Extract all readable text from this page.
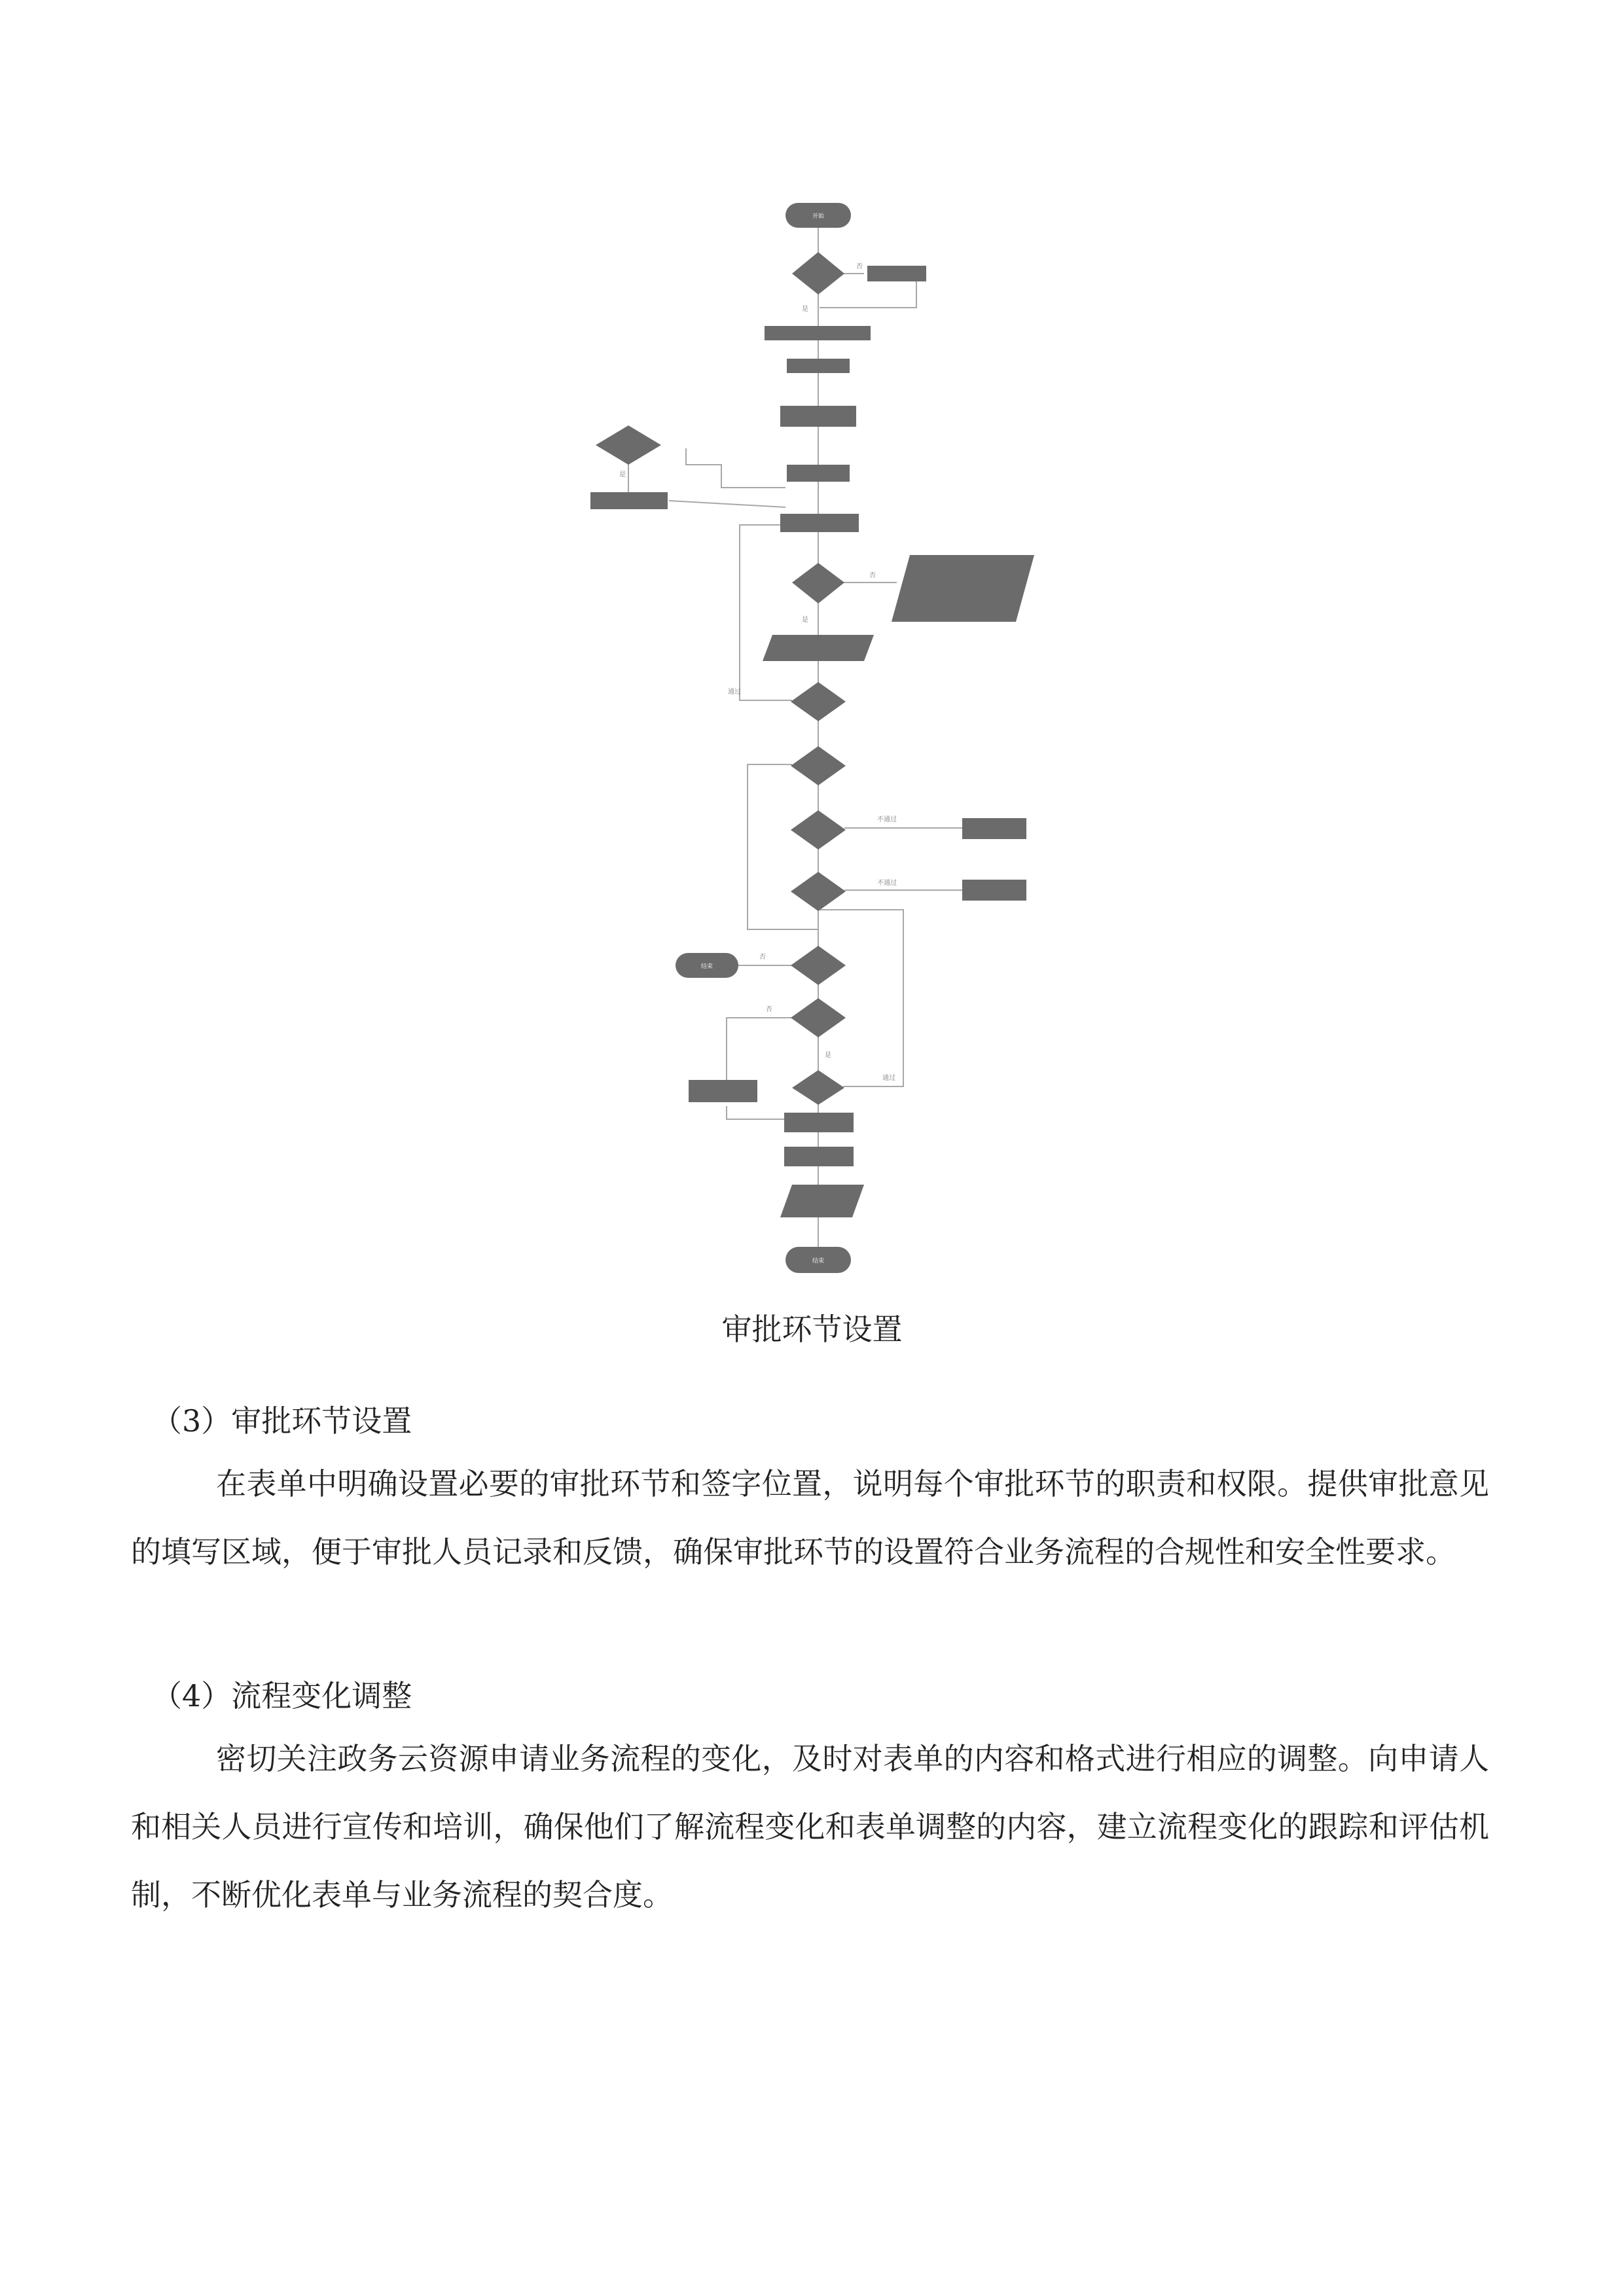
开始
结束
结束
否
是
是
通过
否
是
不通过
不通过
否
否
是
通过
审批环节设置
（3）审批环节设置
在表单中明确设置必要的审批环节和签字位置，说明每个审批环节的职责和权限。提供审批意见的填写区域，便于审批人员记录和反馈，确保审批环节的设置符合业务流程的合规性和安全性要求。
（4）流程变化调整
密切关注政务云资源申请业务流程的变化，及时对表单的内容和格式进行相应的调整。向申请人和相关人员进行宣传和培训，确保他们了解流程变化和表单调整的内容，建立流程变化的跟踪和评估机制，不断优化表单与业务流程的契合度。
